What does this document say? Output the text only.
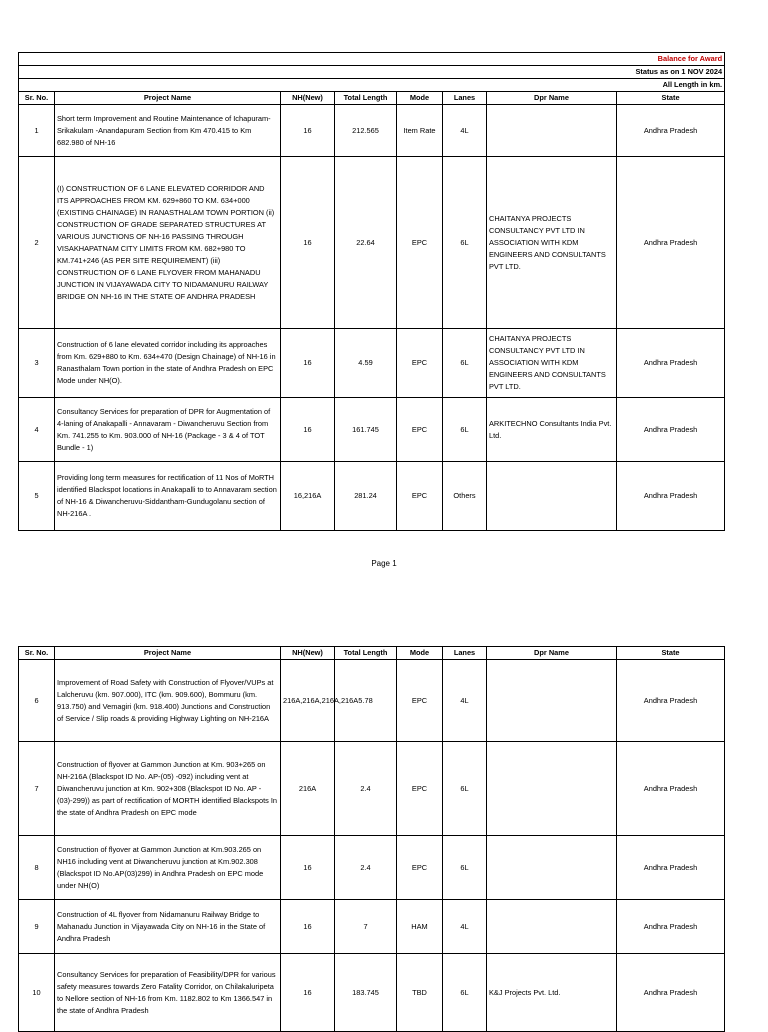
Balance for Award							
Status as on 1 NOV 2024							
All Length in km.							
Sr. No.	Project Name	NH(New)	Total Length	Mode	Lanes	Dpr Name	State
1	Short term Improvement and Routine Maintenance of Ichapuram- Srikakulam -Anandapuram Section from Km 470.415 to Km 682.980 of NH-16	16	212.565	Item Rate	4L		Andhra Pradesh
2	(I) CONSTRUCTION OF 6 LANE ELEVATED CORRIDOR AND ITS APPROACHES FROM KM. 629+860 TO KM. 634+000 (EXISTING CHAINAGE) IN RANASTHALAM TOWN PORTION (ii) CONSTRUCTION OF GRADE SEPARATED STRUCTURES AT VARIOUS JUNCTIONS OF NH-16 PASSING THROUGH VISAKHAPATNAM CITY LIMITS FROM KM. 682+980 TO KM.741+246 (AS PER SITE REQUIREMENT) (iii) CONSTRUCTION OF 6 LANE FLYOVER FROM MAHANADU JUNCTION IN VIJAYAWADA CITY TO NIDAMANURU RAILWAY BRIDGE ON NH-16 IN THE STATE OF ANDHRA PRADESH	16	22.64	EPC	6L	CHAITANYA PROJECTS CONSULTANCY PVT LTD IN ASSOCIATION WITH KDM ENGINEERS AND CONSULTANTS PVT LTD.	Andhra Pradesh
3	Construction of 6 lane elevated corridor including its approaches from Km. 629+880 to Km. 634+470 (Design Chainage) of NH-16 in Ranasthalam Town portion in the state of Andhra Pradesh on EPC Mode under NH(O).	16	4.59	EPC	6L	CHAITANYA PROJECTS CONSULTANCY PVT LTD IN ASSOCIATION WITH KDM ENGINEERS AND CONSULTANTS PVT LTD.	Andhra Pradesh
4	Consultancy Services for preparation of DPR for Augmentation of 4-laning of Anakapalli - Annavaram - Diwancheruvu Section from Km. 741.255 to Km. 903.000 of NH-16 (Package - 3 & 4 of TOT Bundle - 1)	16	161.745	EPC	6L	ARKITECHNO Consultants India Pvt. Ltd.	Andhra Pradesh
5	Providing long term measures for rectification of 11 Nos of MoRTH identified Blackspot locations in Anakapalli to to Annavaram section of NH-16 & Diwancheruvu-Siddantham-Gundugolanu section of NH-216A .	16,216A	281.24	EPC	Others		Andhra Pradesh
Page 1
Sr. No.	Project Name	NH(New)	Total Length	Mode	Lanes	Dpr Name	State
6	Improvement of Road Safety with Construction of Flyover/VUPs at Lalcheruvu (km. 907.000), ITC (km. 909.600), Bommuru (km. 913.750) and Vemagiri (km. 918.400) Junctions and Construction of Service / Slip roads & providing Highway Lighting on NH-216A	216A,216A,216A,216A	5.78	EPC	4L		Andhra Pradesh
7	Construction of flyover at Gammon Junction at Km. 903+265 on NH-216A (Blackspot ID No. AP-(05) -092) including vent at Diwancheruvu junction at Km. 902+308 (Blackspot ID No. AP -(03)-299)) as part of rectification of MORTH identified Blackspots In the state of Andhra Pradesh on EPC mode	216A	2.4	EPC	6L		Andhra Pradesh
8	Construction of flyover at Gammon Junction at Km.903.265 on NH16 including vent at Diwancheruvu junction at Km.902.308 (Blackspot ID No.AP(03)299) in Andhra Pradesh on EPC mode under NH(O)	16	2.4	EPC	6L		Andhra Pradesh
9	Construction of 4L flyover from Nidamanuru Railway Bridge to Mahanadu Junction in Vijayawada City on NH-16 in the State of Andhra Pradesh	16	7	HAM	4L		Andhra Pradesh
10	Consultancy Services for preparation of Feasibility/DPR for various safety measures towards Zero Fatality Corridor, on Chilakaluripeta to Nellore section of NH-16 from Km. 1182.802 to Km 1366.547 in the state of Andhra Pradesh	16	183.745	TBD	6L	K&J Projects Pvt. Ltd.	Andhra Pradesh
